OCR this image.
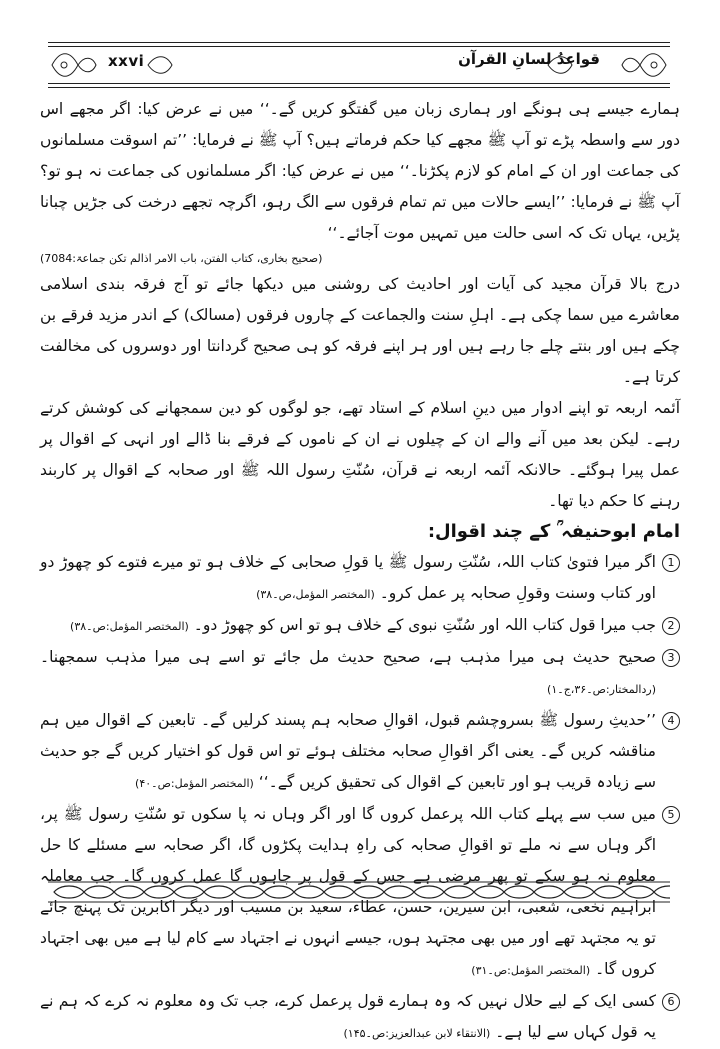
xxvi	قواعدُ لسانِ القرآن

ہمارے جیسے ہی ہونگے اور ہماری زبان میں گفتگو کریں گے۔‘‘ میں نے عرض کیا: اگر مجھے اس دور سے واسطہ پڑے تو آپ ﷺ مجھے کیا حکم فرماتے ہیں؟ آپ ﷺ نے فرمایا: ’’تم اسوقت مسلمانوں کی جماعت اور ان کے امام کو لازم پکڑنا۔‘‘ میں نے عرض کیا: اگر مسلمانوں کی جماعت نہ ہو تو؟ آپ ﷺ نے فرمایا: ’’ایسے حالات میں تم تمام فرقوں سے الگ رہو، اگرچہ تجھے درخت کی جڑیں چبانا پڑیں، یہاں تک کہ اسی حالت میں تمہیں موت آجائے۔‘‘

(صحیح بخاری، کتاب الفتن، باب الامر اذالم تکن جماعۃ:7084)

درج بالا قرآن مجید کی آیات اور احادیث کی روشنی میں دیکھا جائے تو آج فرقہ بندی اسلامی معاشرے میں سما چکی ہے۔ اہلِ سنت والجماعت کے چاروں فرقوں (مسالک) کے اندر مزید فرقے بن چکے ہیں اور بنتے چلے جا رہے ہیں اور ہر اپنے فرقہ کو ہی صحیح گردانتا اور دوسروں کی مخالفت کرتا ہے۔

آئمہ اربعہ تو اپنے ادوار میں دینِ اسلام کے استاد تھے، جو لوگوں کو دین سمجھانے کی کوشش کرتے رہے۔ لیکن بعد میں آنے والے ان کے چیلوں نے ان کے ناموں کے فرقے بنا ڈالے اور انہی کے اقوال پر عمل پیرا ہوگئے۔ حالانکہ آئمہ اربعہ نے قرآن، سُنّتِ رسول اللہ ﷺ اور صحابہ کے اقوال پر کاربند رہنے کا حکم دیا تھا۔

امام ابوحنیفہ ؒ کے چند اقوال:

1
اگر میرا فتویٰ کتاب اللہ، سُنّتِ رسول ﷺ یا قولِ صحابی کے خلاف ہو تو میرے فتوے کو چھوڑ دو اور کتاب وسنت وقولِ صحابہ پر عمل کرو۔ (المختصر المؤمل،ص۔۳۸)

2
جب میرا قول کتاب اللہ اور سُنّتِ نبوی کے خلاف ہو تو اس کو چھوڑ دو۔ (المختصر المؤمل:ص۔۳۸)

3
صحیح حدیث ہی میرا مذہب ہے، صحیح حدیث مل جائے تو اسے ہی میرا مذہب سمجھنا۔ (ردالمختار:ص۔۳۶،ج۔۱)

4
’’حدیثِ رسول ﷺ بسروچشم قبول، اقوالِ صحابہ ہم پسند کرلیں گے۔ تابعین کے اقوال میں ہم مناقشہ کریں گے۔ یعنی اگر اقوالِ صحابہ مختلف ہوئے تو اس قول کو اختیار کریں گے جو حدیث سے زیادہ قریب ہو اور تابعین کے اقوال کی تحقیق کریں گے۔‘‘ (المختصر المؤمل:ص۔۴۰)

5
میں سب سے پہلے کتاب اللہ پرعمل کروں گا اور اگر وہاں نہ پا سکوں تو سُنّتِ رسول ﷺ پر، اگر وہاں سے نہ ملے تو اقوالِ صحابہ کی راہِ ہدایت پکڑوں گا، اگر صحابہ سے مسئلے کا حل معلوم نہ ہو سکے تو پھر مرضی ہے جس کے قول پر چاہوں گا عمل کروں گا۔ جب معاملہ ابراہیم نخعی، شعبی، ابن سیرین، حسن، عطاء، سعید بن مسیب اور دیگر اکابرین تک پہنچ جائے تو یہ مجتہد تھے اور میں بھی مجتہد ہوں، جیسے انہوں نے اجتہاد سے کام لیا ہے میں بھی اجتہاد کروں گا۔ (المختصر المؤمل:ص۔۳۱)

6
کسی ایک کے لیے حلال نہیں کہ وہ ہمارے قول پرعمل کرے، جب تک وہ معلوم نہ کرے کہ ہم نے یہ قول کہاں سے لیا ہے۔ (الانتقاء لابن عبدالعزیز:ص۔۱۴۵)
